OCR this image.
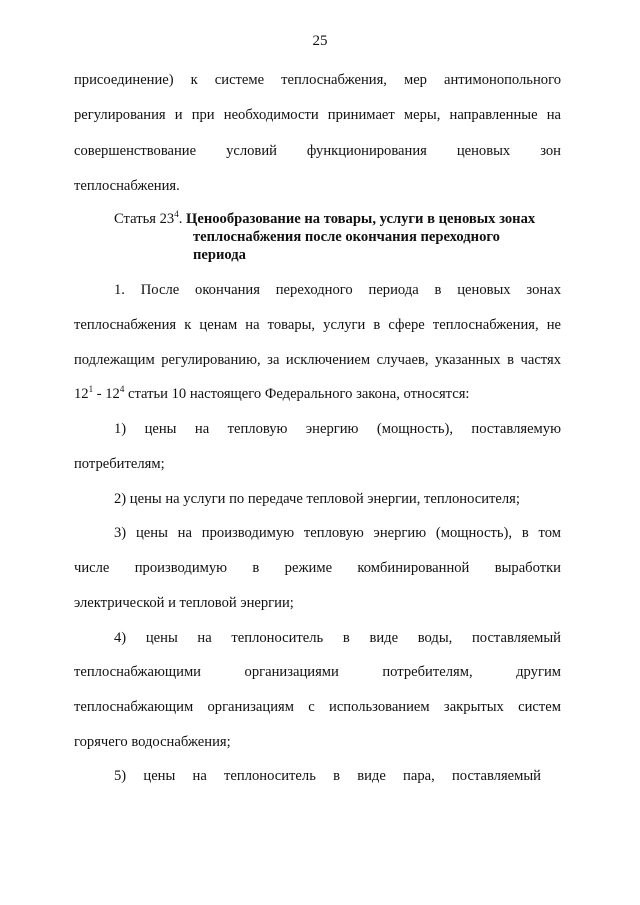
25
присоединение) к системе теплоснабжения, мер антимонопольного
регулирования и при необходимости принимает меры, направленные на
совершенствование условий функционирования ценовых зон
теплоснабжения.
Статья $23^4$. Ценообразование на товары, услуги в ценовых зонах
теплоснабжения после окончания переходного
периода
1. После окончания переходного периода в ценовых зонах
теплоснабжения к ценам на товары, услуги в сфере теплоснабжения, не
подлежащим регулированию, за исключением случаев, указанных в частях
$12^1 - 12^4$ статьи 10 настоящего Федерального закона, относятся:
1) цены на тепловую энергию (мощность), поставляемую
потребителям;
2) цены на услуги по передаче тепловой энергии, теплоносителя;
3) цены на производимую тепловую энергию (мощность), в том
числе производимую в режиме комбинированной выработки
электрической и тепловой энергии;
4) цены на теплоноситель в виде воды, поставляемый
теплоснабжающими организациями потребителям, другим
теплоснабжающим организациям с использованием закрытых систем
горячего водоснабжения;
5) цены на теплоноситель в виде пара, поставляемый
